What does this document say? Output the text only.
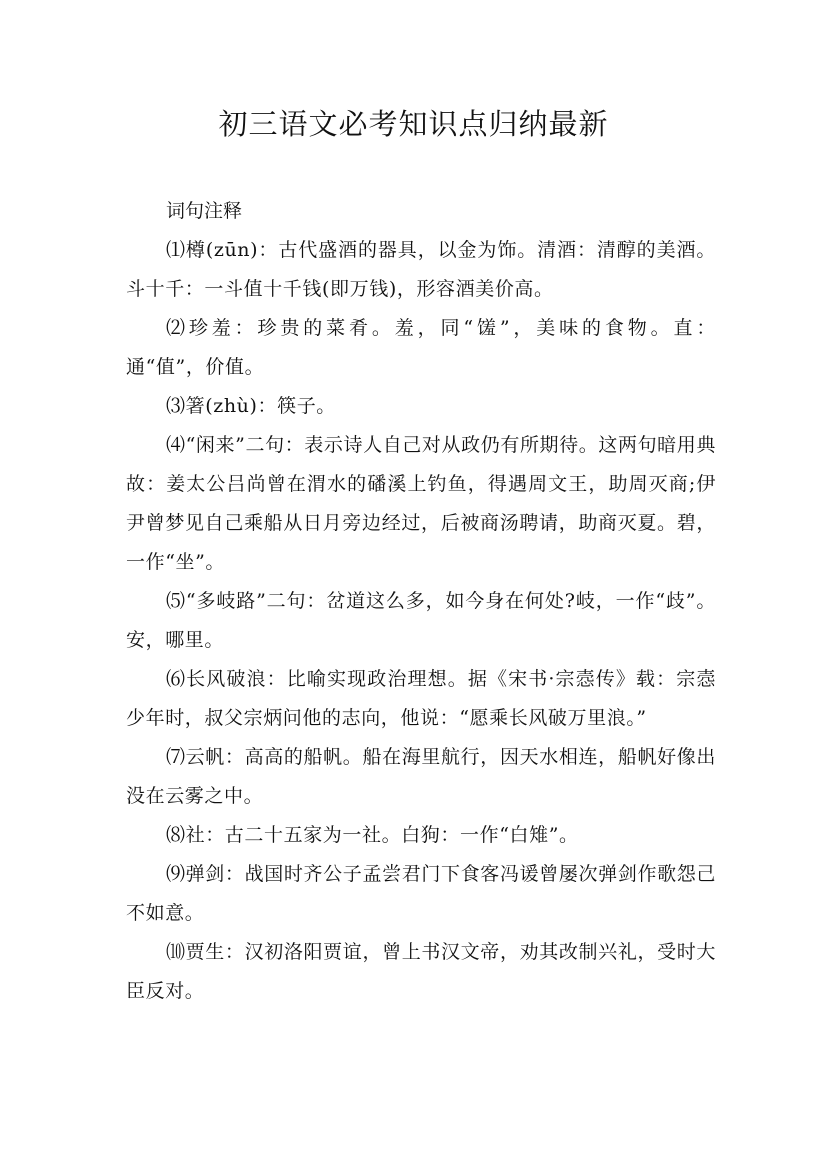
初三语文必考知识点归纳最新

词句注释

⑴樽(zūn)：古代盛酒的器具，以金为饰。清酒：清醇的美酒。斗十千：一斗值十千钱(即万钱)，形容酒美价高。

⑵珍羞：珍贵的菜肴。羞，同“馐”，美味的食物。直：通“值”，价值。

⑶箸(zhù)：筷子。

⑷“闲来”二句：表示诗人自己对从政仍有所期待。这两句暗用典故：姜太公吕尚曾在渭水的磻溪上钓鱼，得遇周文王，助周灭商;伊尹曾梦见自己乘船从日月旁边经过，后被商汤聘请，助商灭夏。碧，一作“坐”。

⑸“多岐路”二句：岔道这么多，如今身在何处?岐，一作“歧”。安，哪里。

⑹长风破浪：比喻实现政治理想。据《宋书·宗悫传》载：宗悫少年时，叔父宗炳问他的志向，他说：“愿乘长风破万里浪。”

⑺云帆：高高的船帆。船在海里航行，因天水相连，船帆好像出没在云雾之中。

⑻社：古二十五家为一社。白狗：一作“白雉”。

⑼弹剑：战国时齐公子孟尝君门下食客冯谖曾屡次弹剑作歌怨己不如意。

⑽贾生：汉初洛阳贾谊，曾上书汉文帝，劝其改制兴礼，受时大臣反对。
